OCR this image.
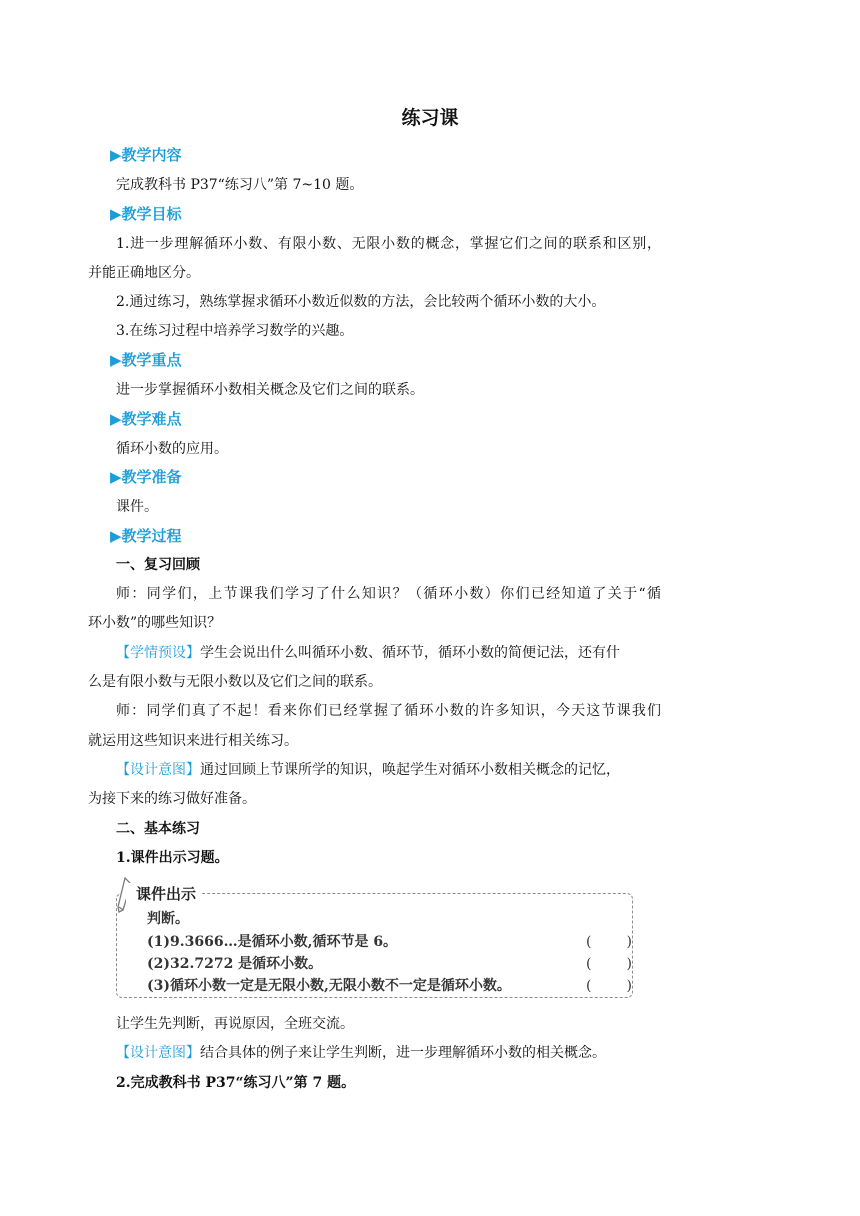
练习课
▶教学内容
完成教科书 P37“练习八”第 7~10 题。
▶教学目标
1.进一步理解循环小数、有限小数、无限小数的概念，掌握它们之间的联系和区别，
并能正确地区分。
2.通过练习，熟练掌握求循环小数近似数的方法，会比较两个循环小数的大小。
3.在练习过程中培养学习数学的兴趣。
▶教学重点
进一步掌握循环小数相关概念及它们之间的联系。
▶教学难点
循环小数的应用。
▶教学准备
课件。
▶教学过程
一、复习回顾
师：同学们，上节课我们学习了什么知识？（循环小数）你们已经知道了关于“循
环小数”的哪些知识？
【学情预设】 学生会说出什么叫循环小数、循环节，循环小数的简便记法，还有什
么是有限小数与无限小数以及它们之间的联系。
师：同学们真了不起！看来你们已经掌握了循环小数的许多知识，今天这节课我们
就运用这些知识来进行相关练习。
【设计意图】 通过回顾上节课所学的知识，唤起学生对循环小数相关概念的记忆，
为接下来的练习做好准备。
二、基本练习
1.课件出示习题。
课件出示
判断。
(1)9.3666…是循环小数,循环节是 6。	(	)
(2)32.7272 是循环小数。	(	)
(3)循环小数一定是无限小数,无限小数不一定是循环小数。	(	)
让学生先判断，再说原因，全班交流。
【设计意图】结合具体的例子来让学生判断，进一步理解循环小数的相关概念。
2.完成教科书 P37“练习八”第 7 题。
